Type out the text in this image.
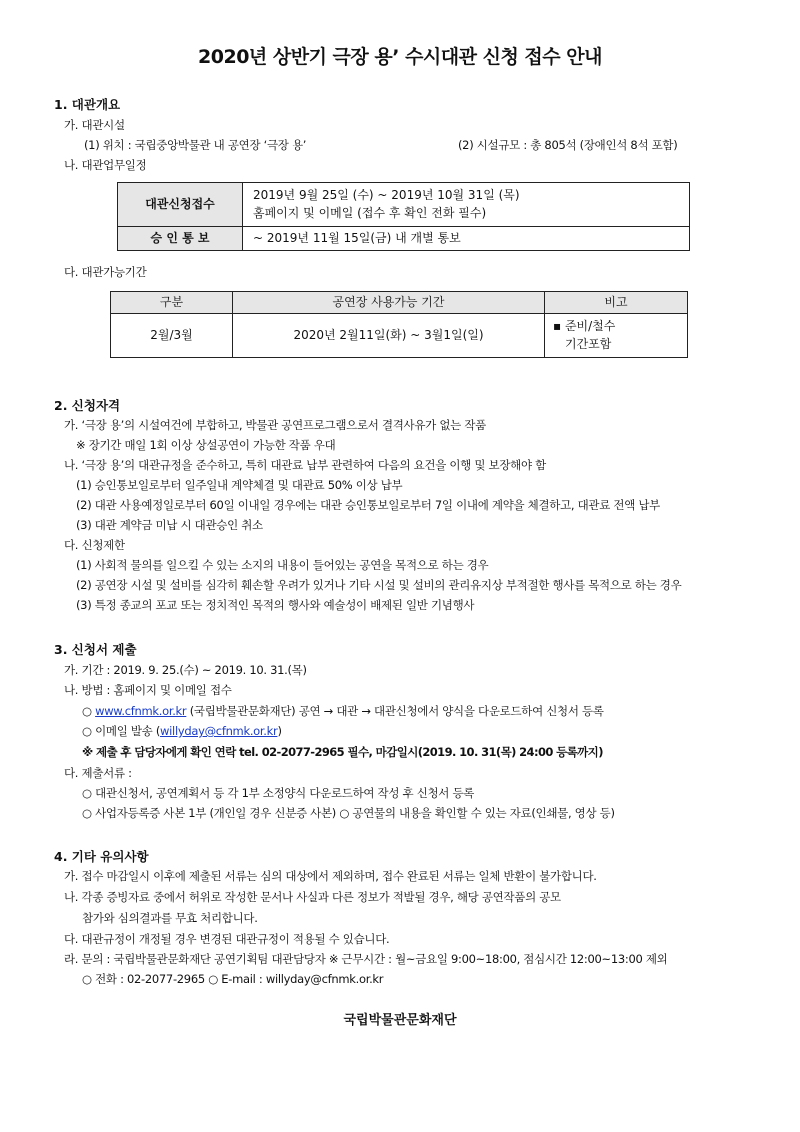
2020년 상반기 극장 용’ 수시대관 신청 접수 안내
1. 대관개요
가. 대관시설
(1) 위치 : 국립중앙박물관 내 공연장 ‘극장 용’	(2) 시설규모 : 총 805석 (장애인석 8석 포함)
나. 대관업무일정
대관신청접수	2019년 9월 25일 (수) ~ 2019년 10월 31일 (목)
홈페이지 및 이메일 (접수 후 확인 전화 필수)

승 인 통 보	~ 2019년 11월 15일(금) 내 개별 통보
다. 대관가능기간
구분	공연장 사용가능 기간	비고
2월/3월	2020년 2월11일(화) ~ 3월1일(일)	▪ 준비/철수
기간포함
2. 신청자격
가. ‘극장 용’의 시설여건에 부합하고, 박물관 공연프로그램으로서 결격사유가 없는 작품
※ 장기간 매일 1회 이상 상설공연이 가능한 작품 우대
나. ‘극장 용’의 대관규정을 준수하고, 특히 대관료 납부 관련하여 다음의 요건을 이행 및 보장해야 함
(1) 승인통보일로부터 일주일내 계약체결 및 대관료 50% 이상 납부
(2) 대관 사용예정일로부터 60일 이내일 경우에는 대관 승인통보일로부터 7일 이내에 계약을 체결하고, 대관료 전액 납부
(3) 대관 계약금 미납 시 대관승인 취소
다. 신청제한
(1) 사회적 물의를 일으킬 수 있는 소지의 내용이 들어있는 공연을 목적으로 하는 경우
(2) 공연장 시설 및 설비를 심각히 훼손할 우려가 있거나 기타 시설 및 설비의 관리유지상 부적절한 행사를 목적으로 하는 경우
(3) 특정 종교의 포교 또는 정치적인 목적의 행사와 예술성이 배제된 일반 기념행사
3. 신청서 제출
가. 기간 : 2019. 9. 25.(수) ~ 2019. 10. 31.(목)
나. 방법 : 홈페이지 및 이메일 접수
○ www.cfnmk.or.kr (국립박물관문화재단) 공연 → 대관 → 대관신청에서 양식을 다운로드하여 신청서 등록
○ 이메일 발송 (willyday@cfnmk.or.kr)
※ 제출 후 담당자에게 확인 연락 tel. 02-2077-2965 필수, 마감일시(2019. 10. 31(목) 24:00 등록까지)
다. 제출서류 :
○ 대관신청서, 공연계획서 등 각 1부 소정양식 다운로드하여 작성 후 신청서 등록
○ 사업자등록증 사본 1부 (개인일 경우 신분증 사본) ○ 공연물의 내용을 확인할 수 있는 자료(인쇄물, 영상 등)
4. 기타 유의사항
가. 접수 마감일시 이후에 제출된 서류는 심의 대상에서 제외하며, 접수 완료된 서류는 일체 반환이 불가합니다.
나. 각종 증빙자료 중에서 허위로 작성한 문서나 사실과 다른 정보가 적발될 경우, 해당 공연작품의 공모
참가와 심의결과를 무효 처리합니다.
다. 대관규정이 개정될 경우 변경된 대관규정이 적용될 수 있습니다.
라. 문의 : 국립박물관문화재단 공연기획팀 대관담당자 ※ 근무시간 : 월~금요일 9:00~18:00, 점심시간 12:00~13:00 제외
○ 전화 : 02-2077-2965 ○ E-mail : willyday@cfnmk.or.kr
국립박물관문화재단
